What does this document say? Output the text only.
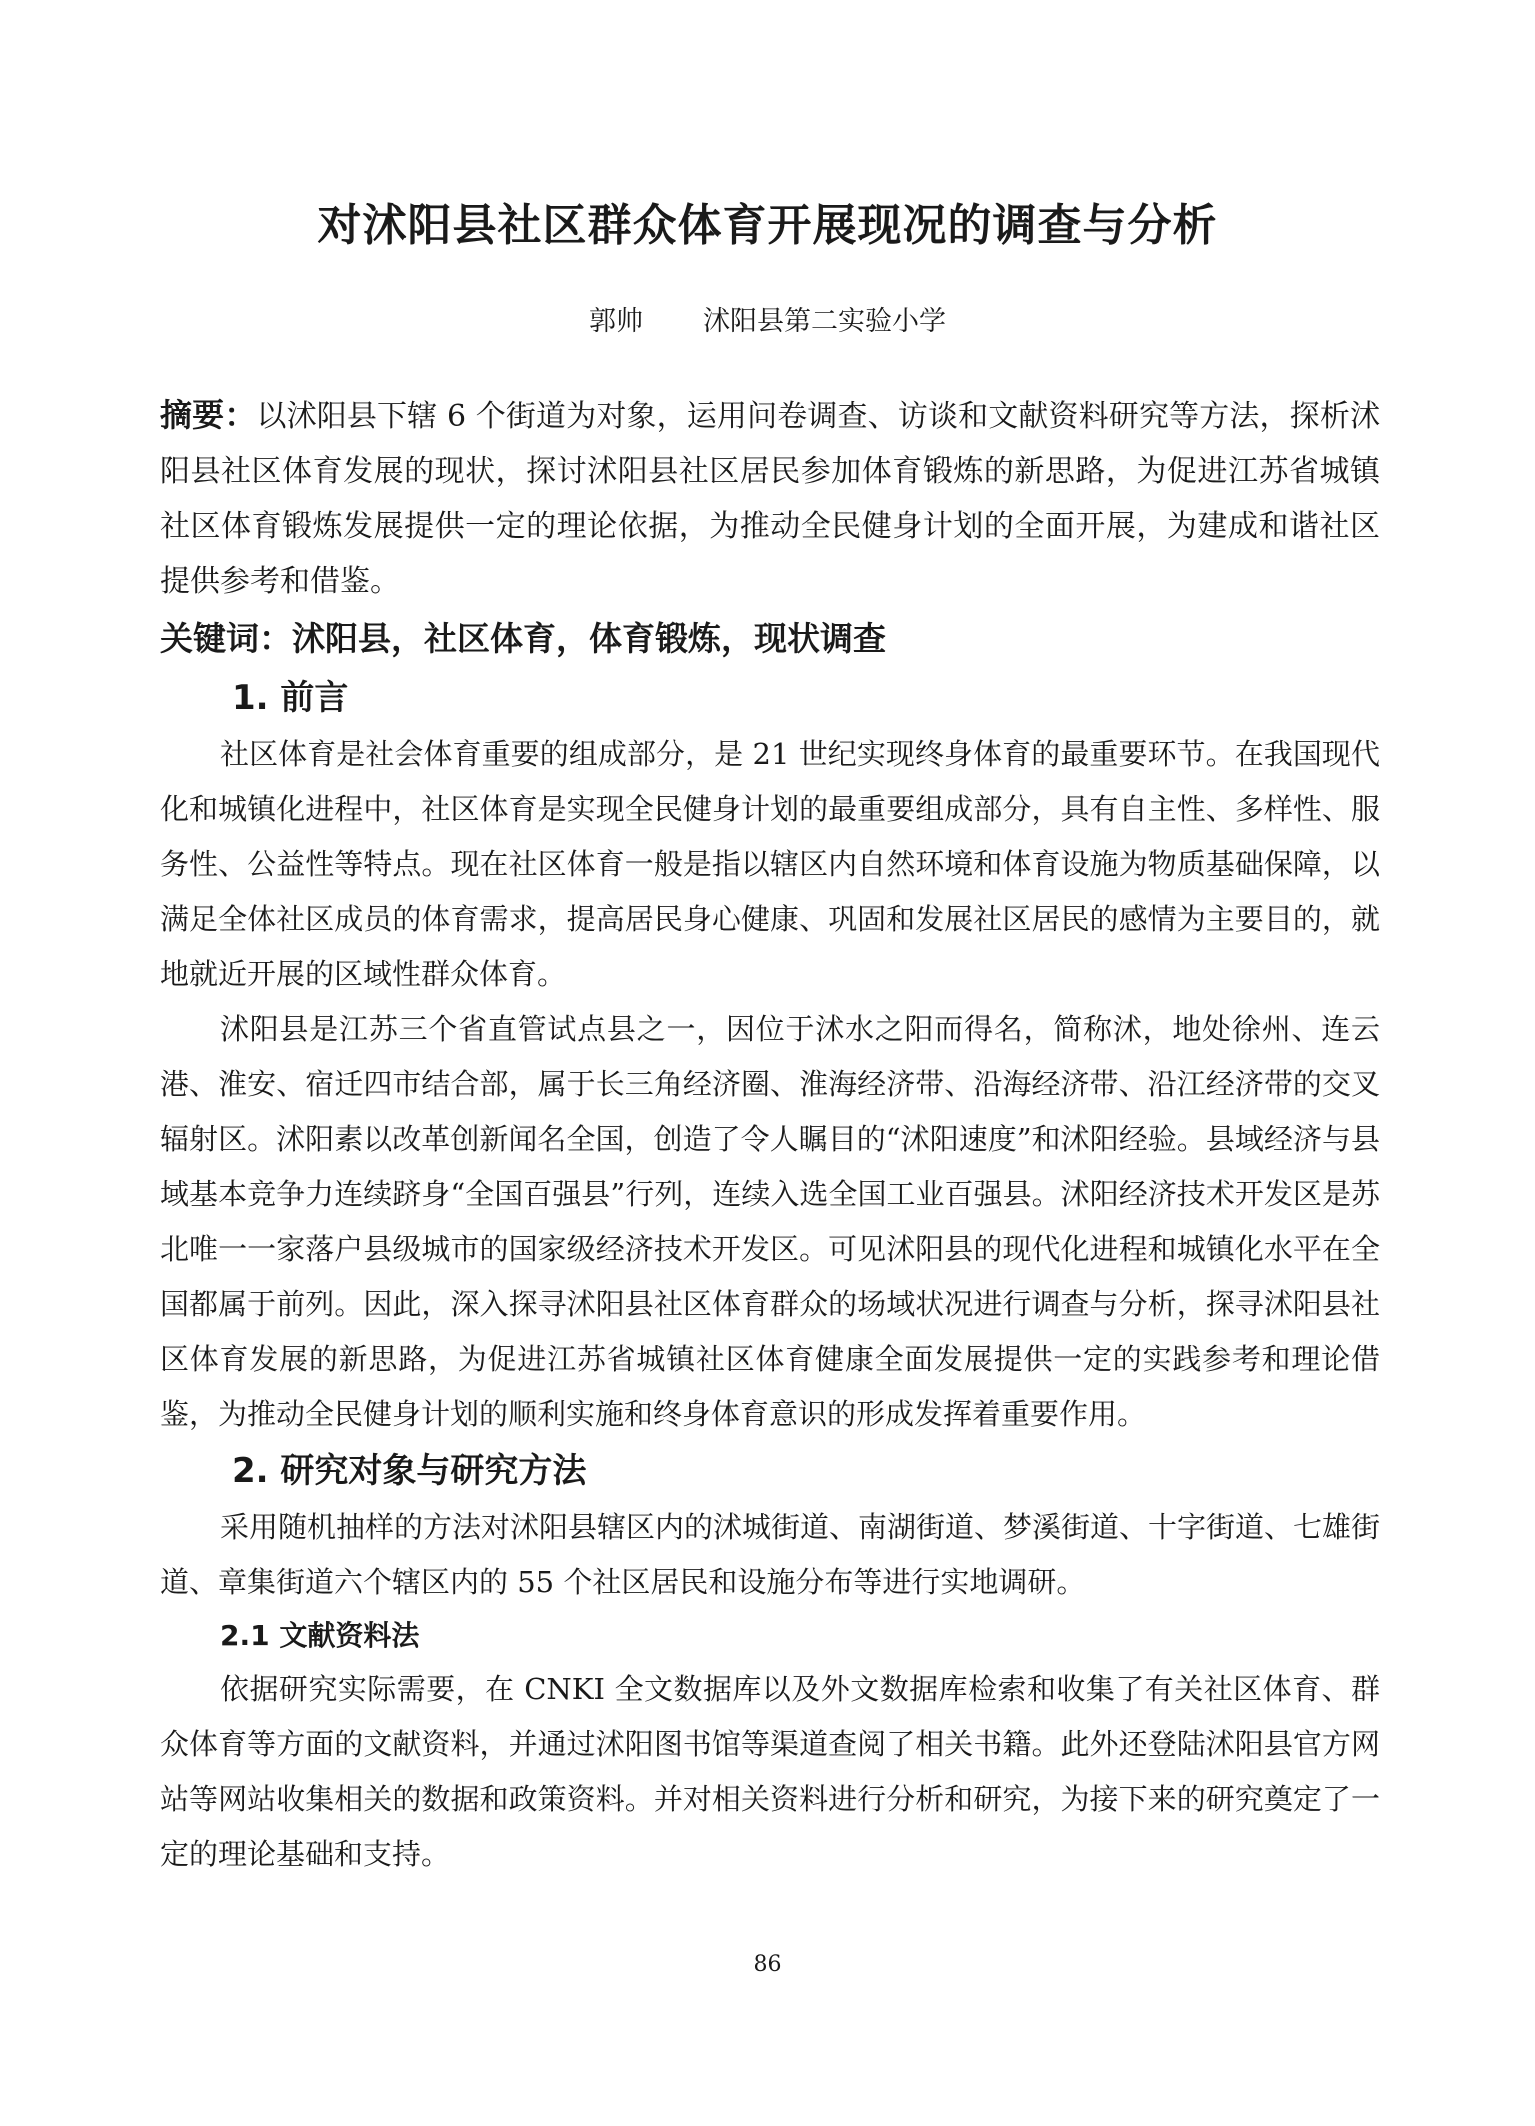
对沭阳县社区群众体育开展现况的调查与分析
郭帅 沭阳县第二实验小学

摘要：以沭阳县下辖 6 个街道为对象，运用问卷调查、访谈和文献资料研究等方法，探析沭阳县社区体育发展的现状，探讨沭阳县社区居民参加体育锻炼的新思路，为促进江苏省城镇社区体育锻炼发展提供一定的理论依据，为推动全民健身计划的全面开展，为建成和谐社区提供参考和借鉴。

关键词：沭阳县，社区体育，体育锻炼，现状调查

1. 前言

社区体育是社会体育重要的组成部分，是 21 世纪实现终身体育的最重要环节。在我国现代化和城镇化进程中，社区体育是实现全民健身计划的最重要组成部分，具有自主性、多样性、服务性、公益性等特点。现在社区体育一般是指以辖区内自然环境和体育设施为物质基础保障，以满足全体社区成员的体育需求，提高居民身心健康、巩固和发展社区居民的感情为主要目的，就地就近开展的区域性群众体育。

沭阳县是江苏三个省直管试点县之一，因位于沭水之阳而得名，简称沭，地处徐州、连云港、淮安、宿迁四市结合部，属于长三角经济圈、淮海经济带、沿海经济带、沿江经济带的交叉辐射区。沭阳素以改革创新闻名全国，创造了令人瞩目的“沭阳速度”和沭阳经验。县域经济与县域基本竞争力连续跻身“全国百强县”行列，连续入选全国工业百强县。沭阳经济技术开发区是苏北唯一一家落户县级城市的国家级经济技术开发区。可见沭阳县的现代化进程和城镇化水平在全国都属于前列。因此，深入探寻沭阳县社区体育群众的场域状况进行调查与分析，探寻沭阳县社区体育发展的新思路，为促进江苏省城镇社区体育健康全面发展提供一定的实践参考和理论借鉴，为推动全民健身计划的顺利实施和终身体育意识的形成发挥着重要作用。

2. 研究对象与研究方法

采用随机抽样的方法对沭阳县辖区内的沭城街道、南湖街道、梦溪街道、十字街道、七雄街道、章集街道六个辖区内的 55 个社区居民和设施分布等进行实地调研。

2.1 文献资料法

依据研究实际需要，在 CNKI 全文数据库以及外文数据库检索和收集了有关社区体育、群众体育等方面的文献资料，并通过沭阳图书馆等渠道查阅了相关书籍。此外还登陆沭阳县官方网站等网站收集相关的数据和政策资料。并对相关资料进行分析和研究，为接下来的研究奠定了一定的理论基础和支持。

86
